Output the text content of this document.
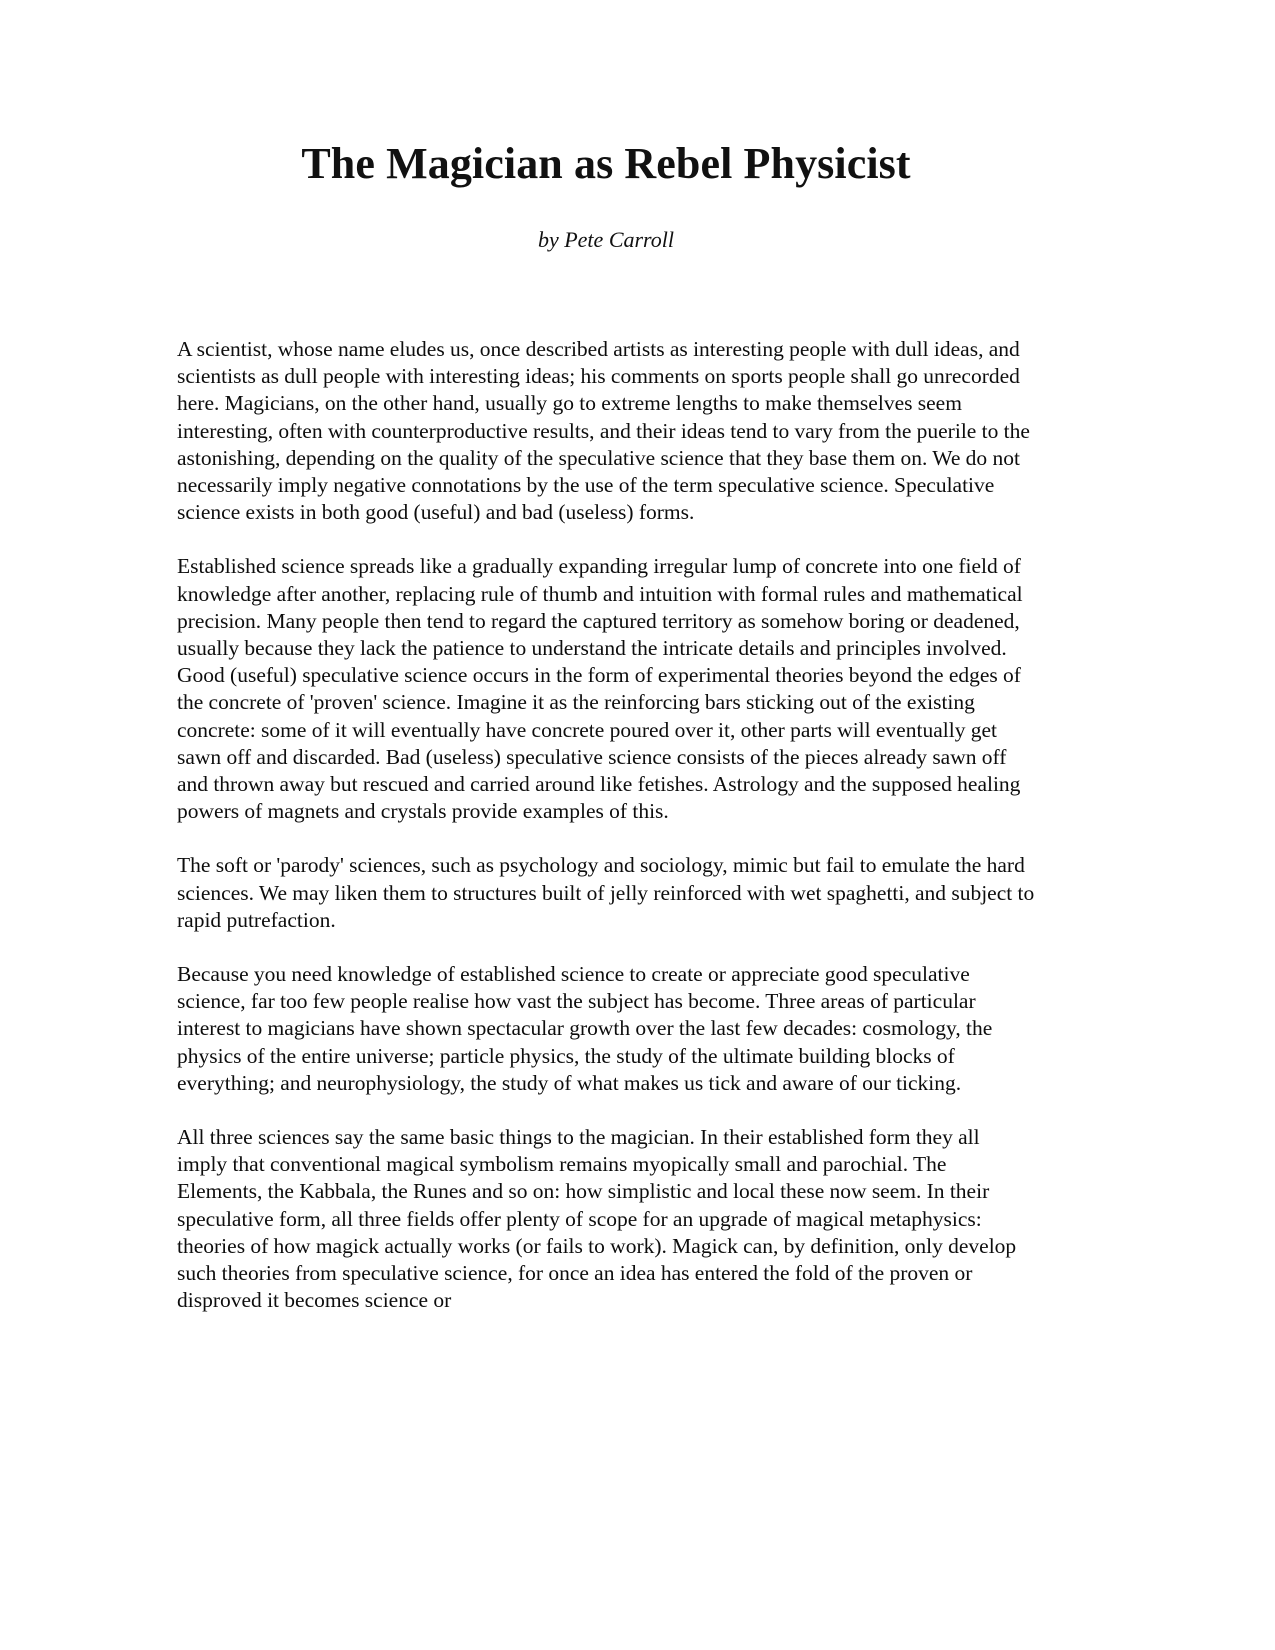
The Magician as Rebel Physicist
by Pete Carroll

A scientist, whose name eludes us, once described artists as interesting people with dull ideas, and scientists as dull people with interesting ideas; his comments on sports people shall go unrecorded here. Magicians, on the other hand, usually go to extreme lengths to make themselves seem interesting, often with counterproductive results, and their ideas tend to vary from the puerile to the astonishing, depending on the quality of the speculative science that they base them on. We do not necessarily imply negative connotations by the use of the term speculative science. Speculative science exists in both good (useful) and bad (useless) forms.

Established science spreads like a gradually expanding irregular lump of concrete into one field of knowledge after another, replacing rule of thumb and intuition with formal rules and mathematical precision. Many people then tend to regard the captured territory as somehow boring or deadened, usually because they lack the patience to understand the intricate details and principles involved. Good (useful) speculative science occurs in the form of experimental theories beyond the edges of the concrete of 'proven' science. Imagine it as the reinforcing bars sticking out of the existing concrete: some of it will eventually have concrete poured over it, other parts will eventually get sawn off and discarded. Bad (useless) speculative science consists of the pieces already sawn off and thrown away but rescued and carried around like fetishes. Astrology and the supposed healing powers of magnets and crystals provide examples of this.

The soft or 'parody' sciences, such as psychology and sociology, mimic but fail to emulate the hard sciences. We may liken them to structures built of jelly reinforced with wet spaghetti, and subject to rapid putrefaction.

Because you need knowledge of established science to create or appreciate good speculative science, far too few people realise how vast the subject has become. Three areas of particular interest to magicians have shown spectacular growth over the last few decades: cosmology, the physics of the entire universe; particle physics, the study of the ultimate building blocks of everything; and neurophysiology, the study of what makes us tick and aware of our ticking.

All three sciences say the same basic things to the magician. In their established form they all imply that conventional magical symbolism remains myopically small and parochial. The Elements, the Kabbala, the Runes and so on: how simplistic and local these now seem. In their speculative form, all three fields offer plenty of scope for an upgrade of magical metaphysics: theories of how magick actually works (or fails to work). Magick can, by definition, only develop such theories from speculative science, for once an idea has entered the fold of the proven or disproved it becomes science or
